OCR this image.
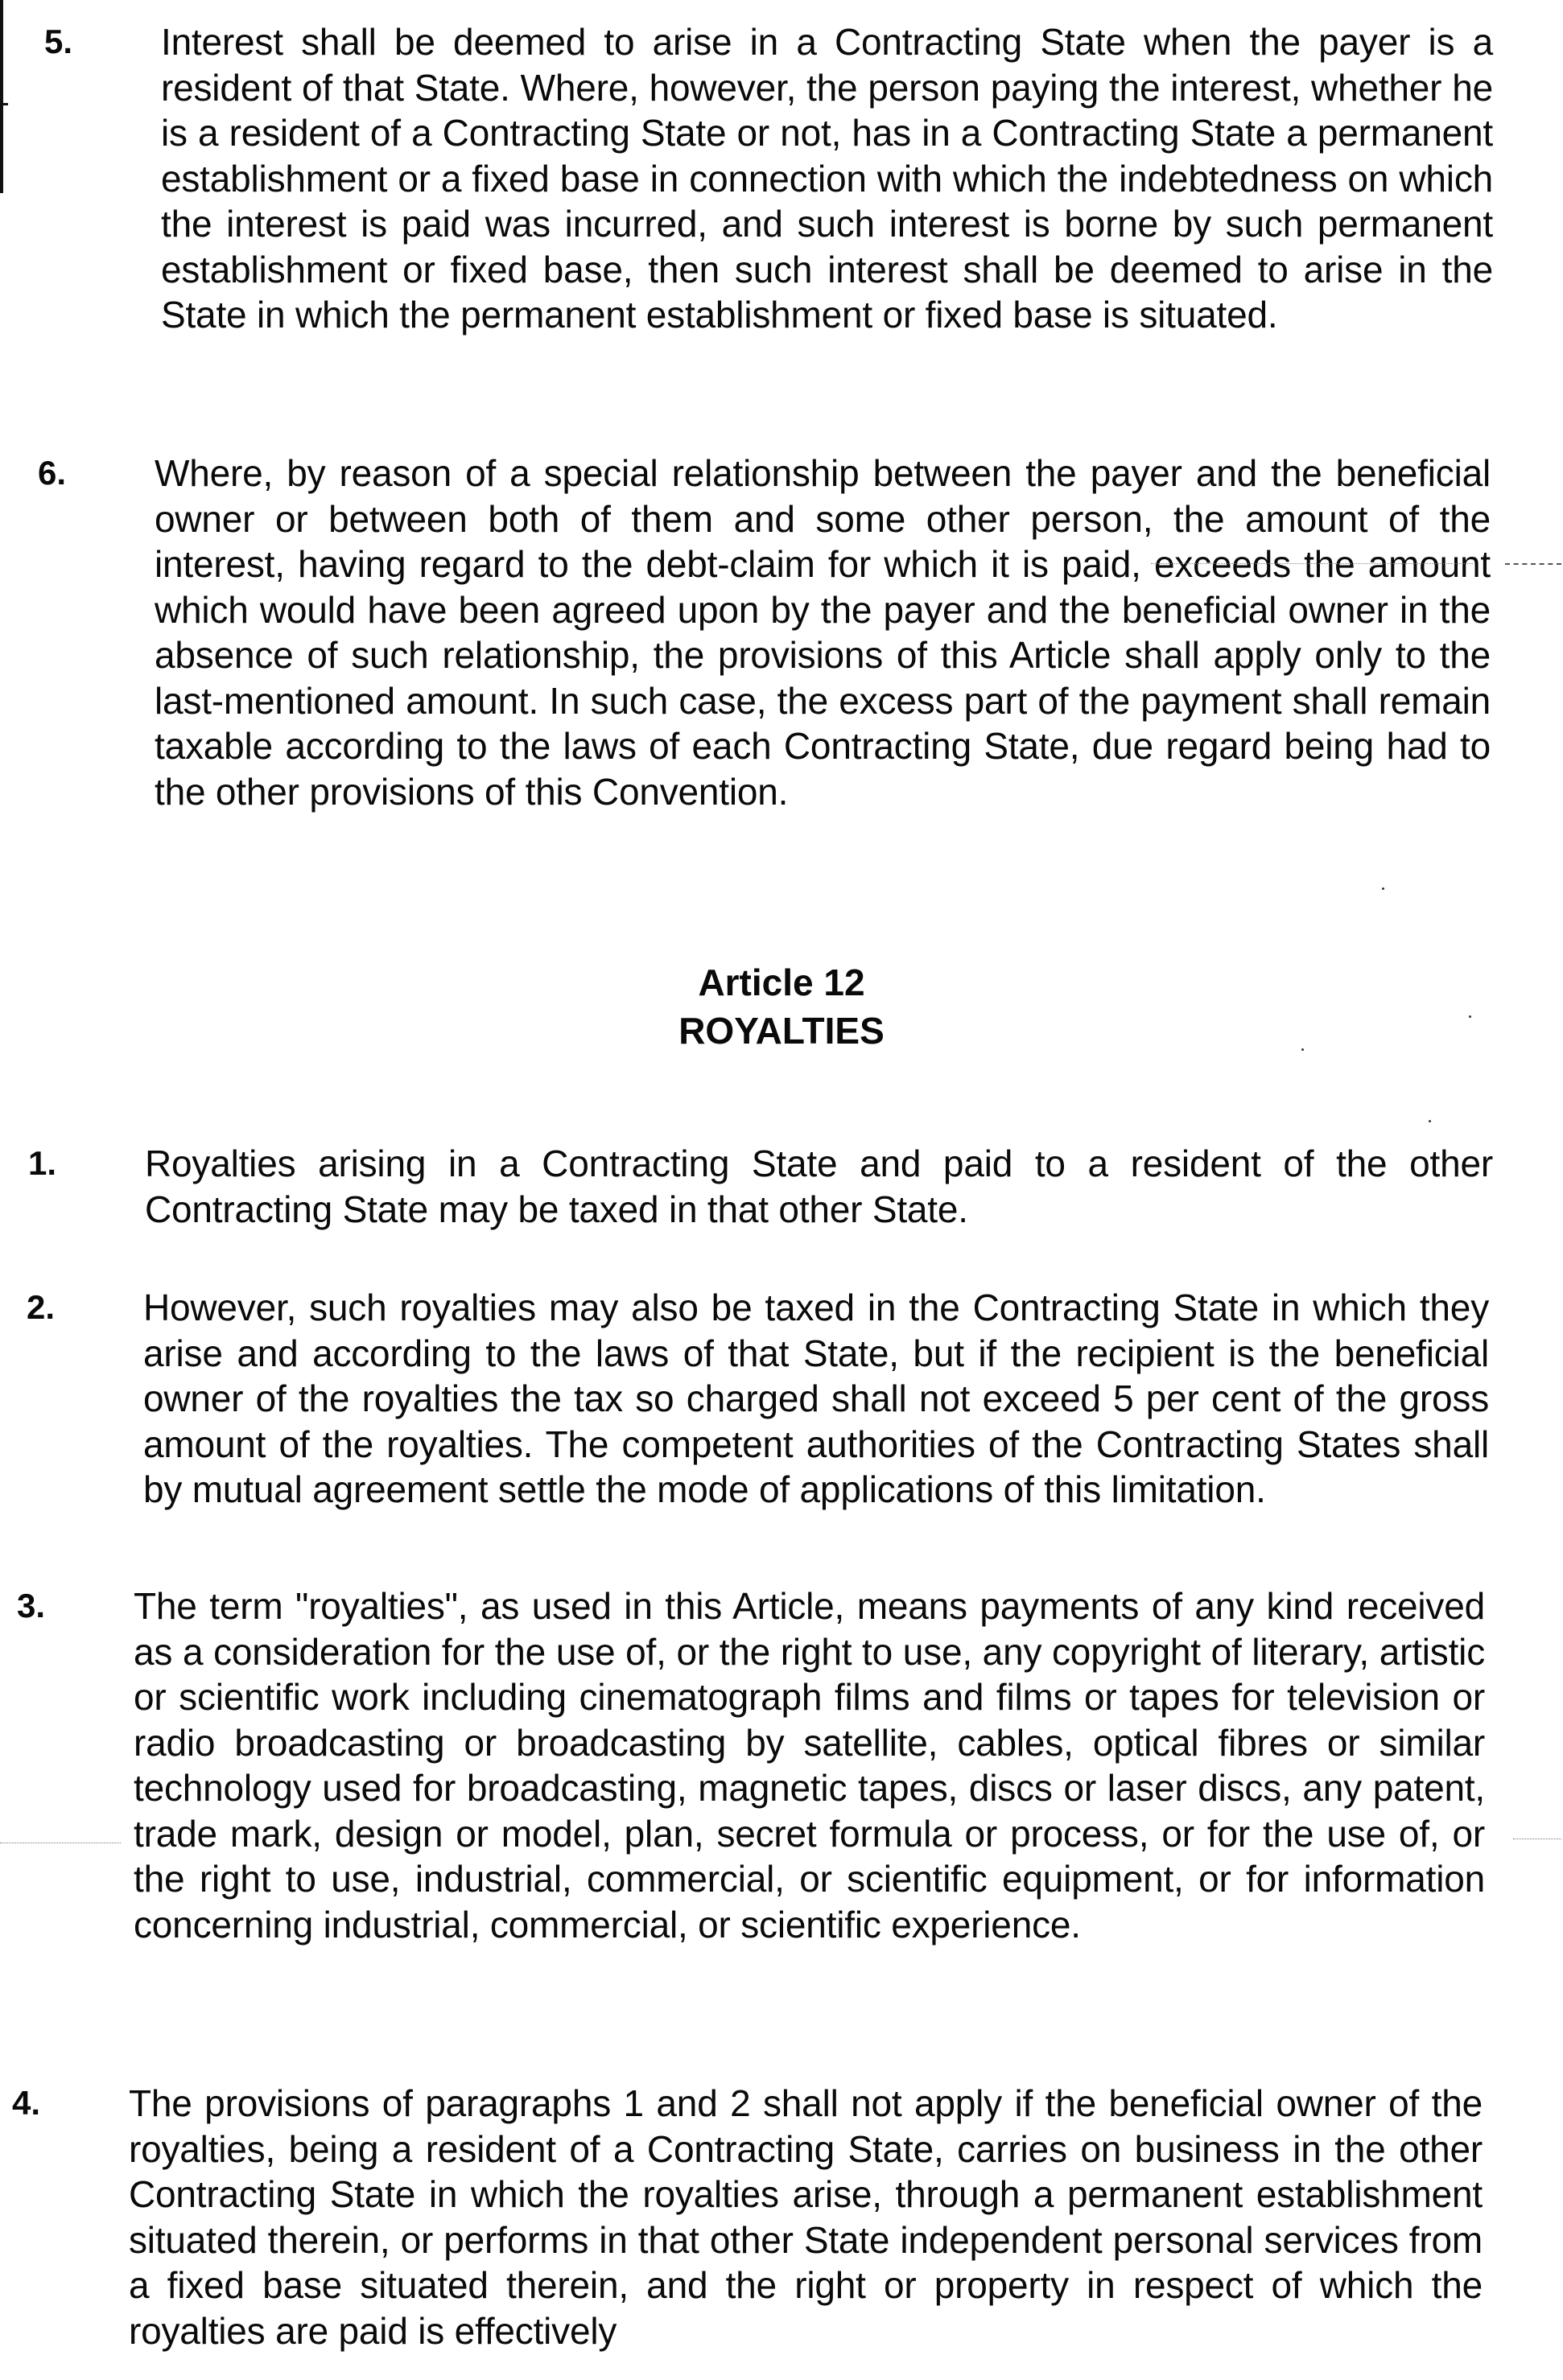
5. Interest shall be deemed to arise in a Contracting State when the payer is a resident of that State. Where, however, the person paying the interest, whether he is a resident of a Contracting State or not, has in a Contracting State a permanent establishment or a fixed base in connection with which the indebtedness on which the interest is paid was incurred, and such interest is borne by such permanent establishment or fixed base, then such interest shall be deemed to arise in the State in which the permanent establishment or fixed base is situated.
6. Where, by reason of a special relationship between the payer and the beneficial owner or between both of them and some other person, the amount of the interest, having regard to the debt-claim for which it is paid, exceeds the amount which would have been agreed upon by the payer and the beneficial owner in the absence of such relationship, the provisions of this Article shall apply only to the last-mentioned amount. In such case, the excess part of the payment shall remain taxable according to the laws of each Contracting State, due regard being had to the other provisions of this Convention.
Article 12
ROYALTIES
1. Royalties arising in a Contracting State and paid to a resident of the other Contracting State may be taxed in that other State.
2. However, such royalties may also be taxed in the Contracting State in which they arise and according to the laws of that State, but if the recipient is the beneficial owner of the royalties the tax so charged shall not exceed 5 per cent of the gross amount of the royalties. The competent authorities of the Contracting States shall by mutual agreement settle the mode of applications of this limitation.
3. The term "royalties", as used in this Article, means payments of any kind received as a consideration for the use of, or the right to use, any copyright of literary, artistic or scientific work including cinematograph films and films or tapes for television or radio broadcasting or broadcasting by satellite, cables, optical fibres or similar technology used for broadcasting, magnetic tapes, discs or laser discs, any patent, trade mark, design or model, plan, secret formula or process, or for the use of, or the right to use, industrial, commercial, or scientific equipment, or for information concerning industrial, commercial, or scientific experience.
4. The provisions of paragraphs 1 and 2 shall not apply if the beneficial owner of the royalties, being a resident of a Contracting State, carries on business in the other Contracting State in which the royalties arise, through a permanent establishment situated therein, or performs in that other State independent personal services from a fixed base situated therein, and the right or property in respect of which the royalties are paid is effectively
